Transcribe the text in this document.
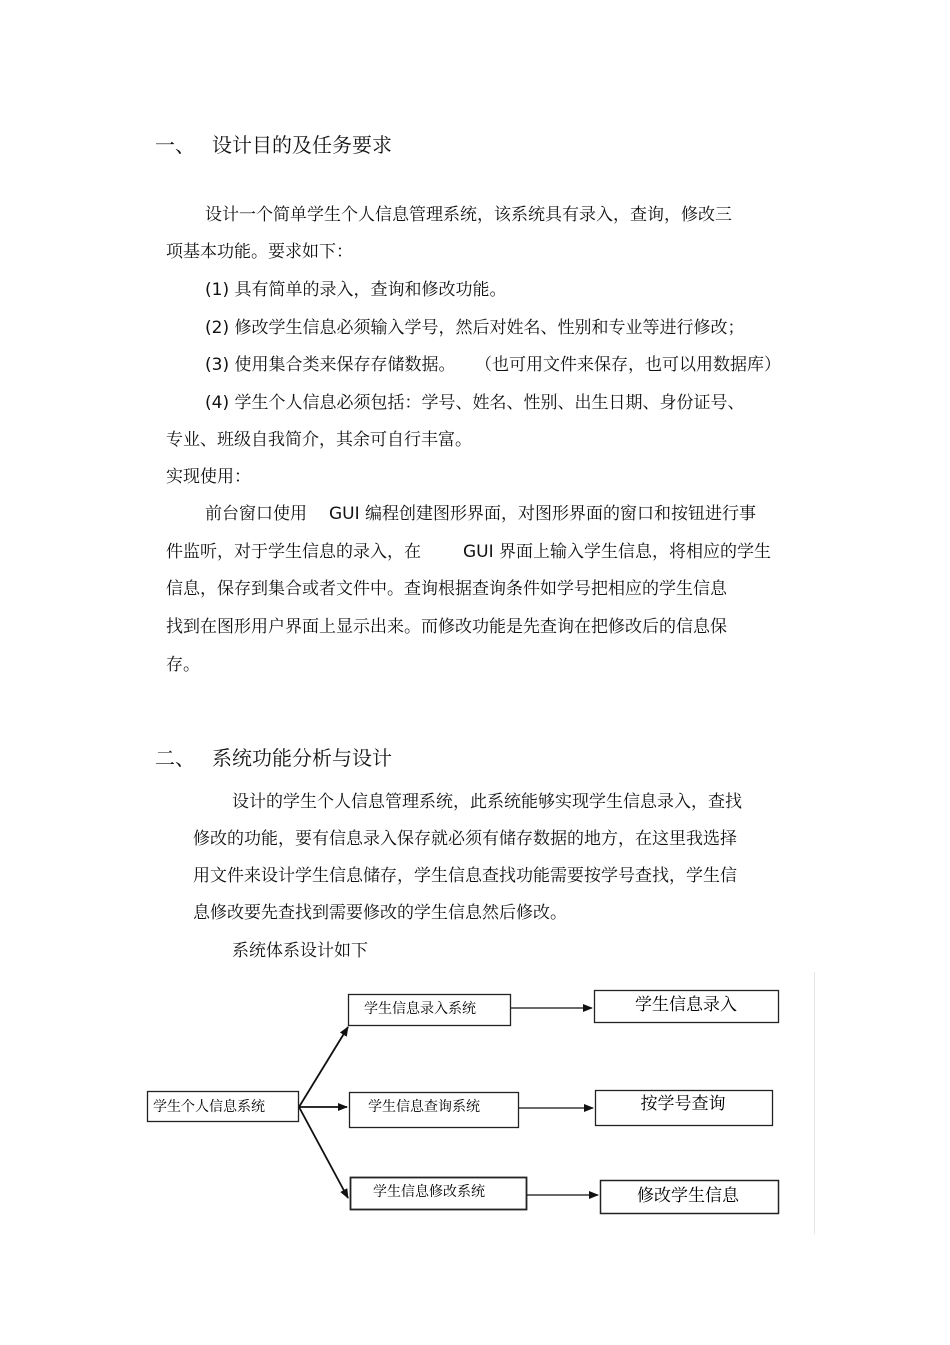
一、 设计目的及任务要求
设计一个简单学生个人信息管理系统，该系统具有录入，查询，修改三
项基本功能。要求如下：
(1) 具有简单的录入，查询和修改功能。
(2) 修改学生信息必须输入学号，然后对姓名、性别和专业等进行修改；
(3) 使用集合类来保存存储数据。 （也可用文件来保存，也可以用数据库）
(4) 学生个人信息必须包括：学号、姓名、性别、出生日期、身份证号、
专业、班级自我简介，其余可自行丰富。
实现使用：
前台窗口使用 GUI 编程创建图形界面，对图形界面的窗口和按钮进行事
件监听，对于学生信息的录入，在 GUI 界面上输入学生信息，将相应的学生
信息，保存到集合或者文件中。查询根据查询条件如学号把相应的学生信息
找到在图形用户界面上显示出来。而修改功能是先查询在把修改后的信息保
存。
二、 系统功能分析与设计
设计的学生个人信息管理系统，此系统能够实现学生信息录入，查找
修改的功能，要有信息录入保存就必须有储存数据的地方，在这里我选择
用文件来设计学生信息储存，学生信息查找功能需要按学号查找，学生信
息修改要先查找到需要修改的学生信息然后修改。
系统体系设计如下
学生个人信息系统
学生信息录入系统	学生信息录入
学生信息查询系统	按学号查询
学生信息修改系统	修改学生信息
